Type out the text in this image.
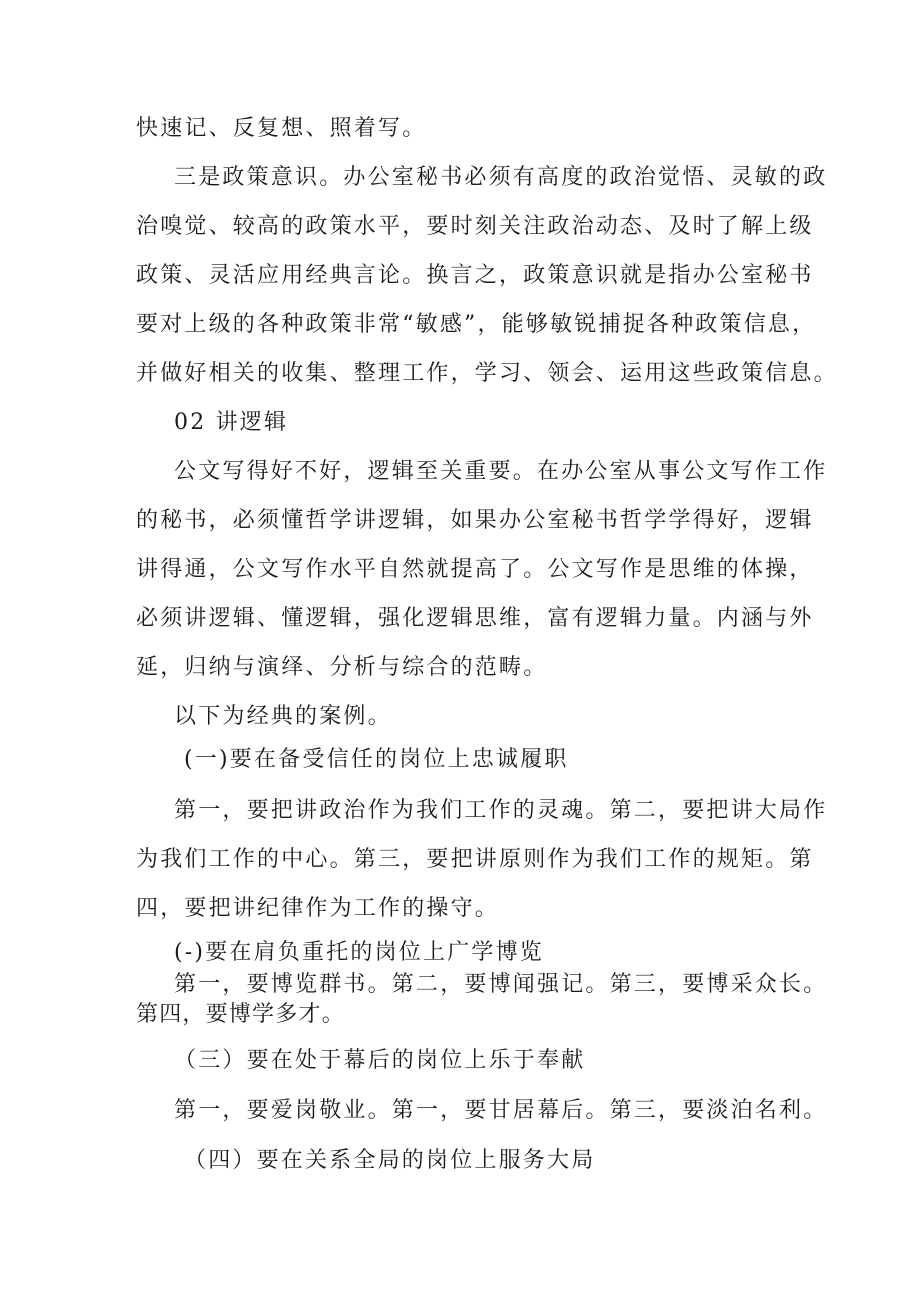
快速记、反复想、照着写。

三是政策意识。办公室秘书必须有高度的政治觉悟、灵敏的政

治嗅觉、较高的政策水平，要时刻关注政治动态、及时了解上级

政策、灵活应用经典言论。换言之，政策意识就是指办公室秘书

要对上级的各种政策非常“敏感”，能够敏锐捕捉各种政策信息，

并做好相关的收集、整理工作，学习、领会、运用这些政策信息。

02 讲逻辑

公文写得好不好，逻辑至关重要。在办公室从事公文写作工作

的秘书，必须懂哲学讲逻辑，如果办公室秘书哲学学得好，逻辑

讲得通，公文写作水平自然就提高了。公文写作是思维的体操，

必须讲逻辑、懂逻辑，强化逻辑思维，富有逻辑力量。内涵与外

延，归纳与演绎、分析与综合的范畴。

以下为经典的案例。

(一)要在备受信任的岗位上忠诚履职

第一，要把讲政治作为我们工作的灵魂。第二，要把讲大局作

为我们工作的中心。第三，要把讲原则作为我们工作的规矩。第

四，要把讲纪律作为工作的操守。

(-)要在肩负重托的岗位上广学博览

第一，要博览群书。第二，要博闻强记。第三，要博采众长。

第四，要博学多才。

（三）要在处于幕后的岗位上乐于奉献

第一，要爱岗敬业。第一，要甘居幕后。第三，要淡泊名利。

（四）要在关系全局的岗位上服务大局
